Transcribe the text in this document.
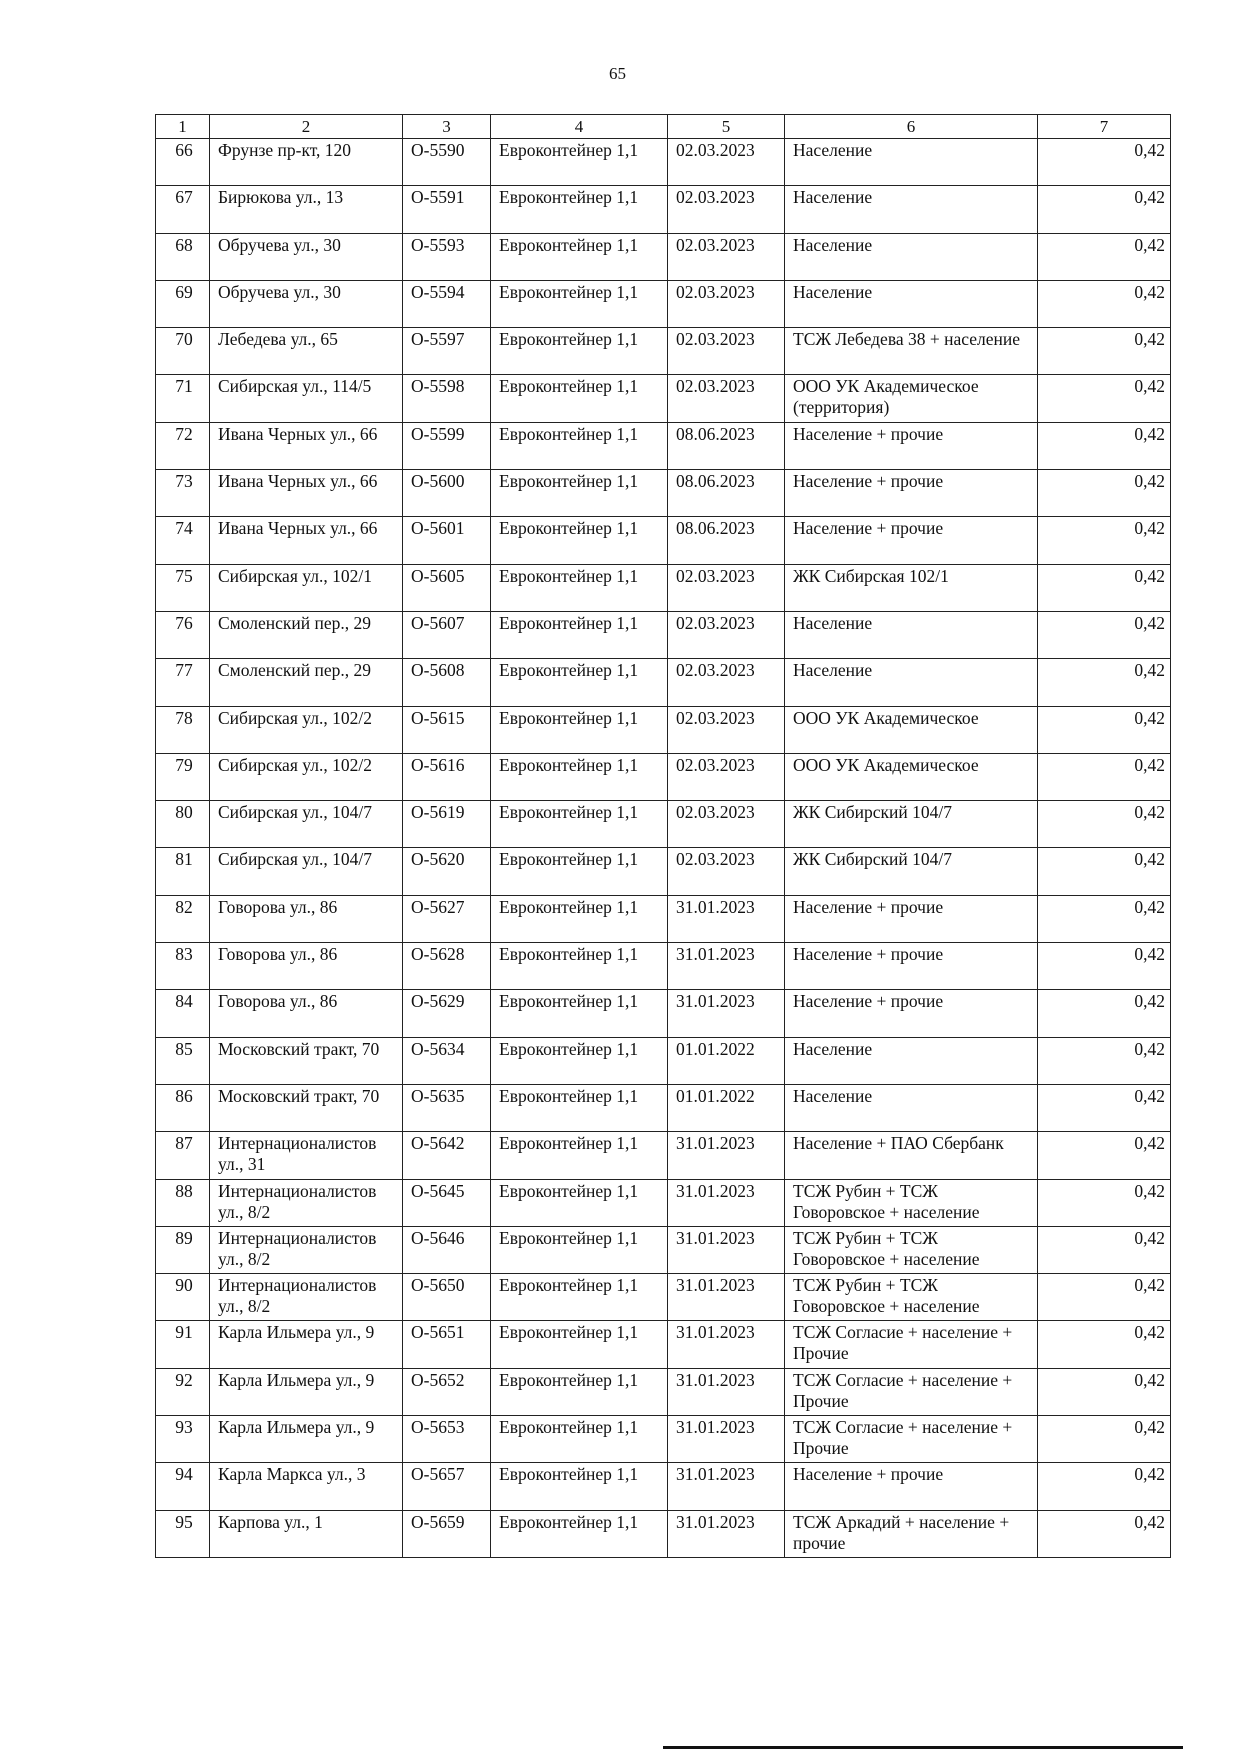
65
1	2	3	4	5	6	7
66	Фрунзе пр-кт, 120	О-5590	Евроконтейнер 1,1	02.03.2023	Население	0,42
67	Бирюкова ул., 13	О-5591	Евроконтейнер 1,1	02.03.2023	Население	0,42
68	Обручева ул., 30	О-5593	Евроконтейнер 1,1	02.03.2023	Население	0,42
69	Обручева ул., 30	О-5594	Евроконтейнер 1,1	02.03.2023	Население	0,42
70	Лебедева ул., 65	О-5597	Евроконтейнер 1,1	02.03.2023	ТСЖ Лебедева 38 + население	0,42
71	Сибирская ул., 114/5	О-5598	Евроконтейнер 1,1	02.03.2023	ООО УК Академическое (территория)	0,42
72	Ивана Черных ул., 66	О-5599	Евроконтейнер 1,1	08.06.2023	Население + прочие	0,42
73	Ивана Черных ул., 66	О-5600	Евроконтейнер 1,1	08.06.2023	Население + прочие	0,42
74	Ивана Черных ул., 66	О-5601	Евроконтейнер 1,1	08.06.2023	Население + прочие	0,42
75	Сибирская ул., 102/1	О-5605	Евроконтейнер 1,1	02.03.2023	ЖК Сибирская 102/1	0,42
76	Смоленский пер., 29	О-5607	Евроконтейнер 1,1	02.03.2023	Население	0,42
77	Смоленский пер., 29	О-5608	Евроконтейнер 1,1	02.03.2023	Население	0,42
78	Сибирская ул., 102/2	О-5615	Евроконтейнер 1,1	02.03.2023	ООО УК Академическое	0,42
79	Сибирская ул., 102/2	О-5616	Евроконтейнер 1,1	02.03.2023	ООО УК Академическое	0,42
80	Сибирская ул., 104/7	О-5619	Евроконтейнер 1,1	02.03.2023	ЖК Сибирский 104/7	0,42
81	Сибирская ул., 104/7	О-5620	Евроконтейнер 1,1	02.03.2023	ЖК Сибирский 104/7	0,42
82	Говорова ул., 86	О-5627	Евроконтейнер 1,1	31.01.2023	Население + прочие	0,42
83	Говорова ул., 86	О-5628	Евроконтейнер 1,1	31.01.2023	Население + прочие	0,42
84	Говорова ул., 86	О-5629	Евроконтейнер 1,1	31.01.2023	Население + прочие	0,42
85	Московский тракт, 70	О-5634	Евроконтейнер 1,1	01.01.2022	Население	0,42
86	Московский тракт, 70	О-5635	Евроконтейнер 1,1	01.01.2022	Население	0,42
87	Интернационалистов ул., 31	О-5642	Евроконтейнер 1,1	31.01.2023	Население + ПАО Сбербанк	0,42
88	Интернационалистов ул., 8/2	О-5645	Евроконтейнер 1,1	31.01.2023	ТСЖ Рубин + ТСЖ Говоровское + население	0,42
89	Интернационалистов ул., 8/2	О-5646	Евроконтейнер 1,1	31.01.2023	ТСЖ Рубин + ТСЖ Говоровское + население	0,42
90	Интернационалистов ул., 8/2	О-5650	Евроконтейнер 1,1	31.01.2023	ТСЖ Рубин + ТСЖ Говоровское + население	0,42
91	Карла Ильмера ул., 9	О-5651	Евроконтейнер 1,1	31.01.2023	ТСЖ Согласие + население + Прочие	0,42
92	Карла Ильмера ул., 9	О-5652	Евроконтейнер 1,1	31.01.2023	ТСЖ Согласие + население + Прочие	0,42
93	Карла Ильмера ул., 9	О-5653	Евроконтейнер 1,1	31.01.2023	ТСЖ Согласие + население + Прочие	0,42
94	Карла Маркса ул., 3	О-5657	Евроконтейнер 1,1	31.01.2023	Население + прочие	0,42
95	Карпова ул., 1	О-5659	Евроконтейнер 1,1	31.01.2023	ТСЖ Аркадий + население + прочие	0,42
